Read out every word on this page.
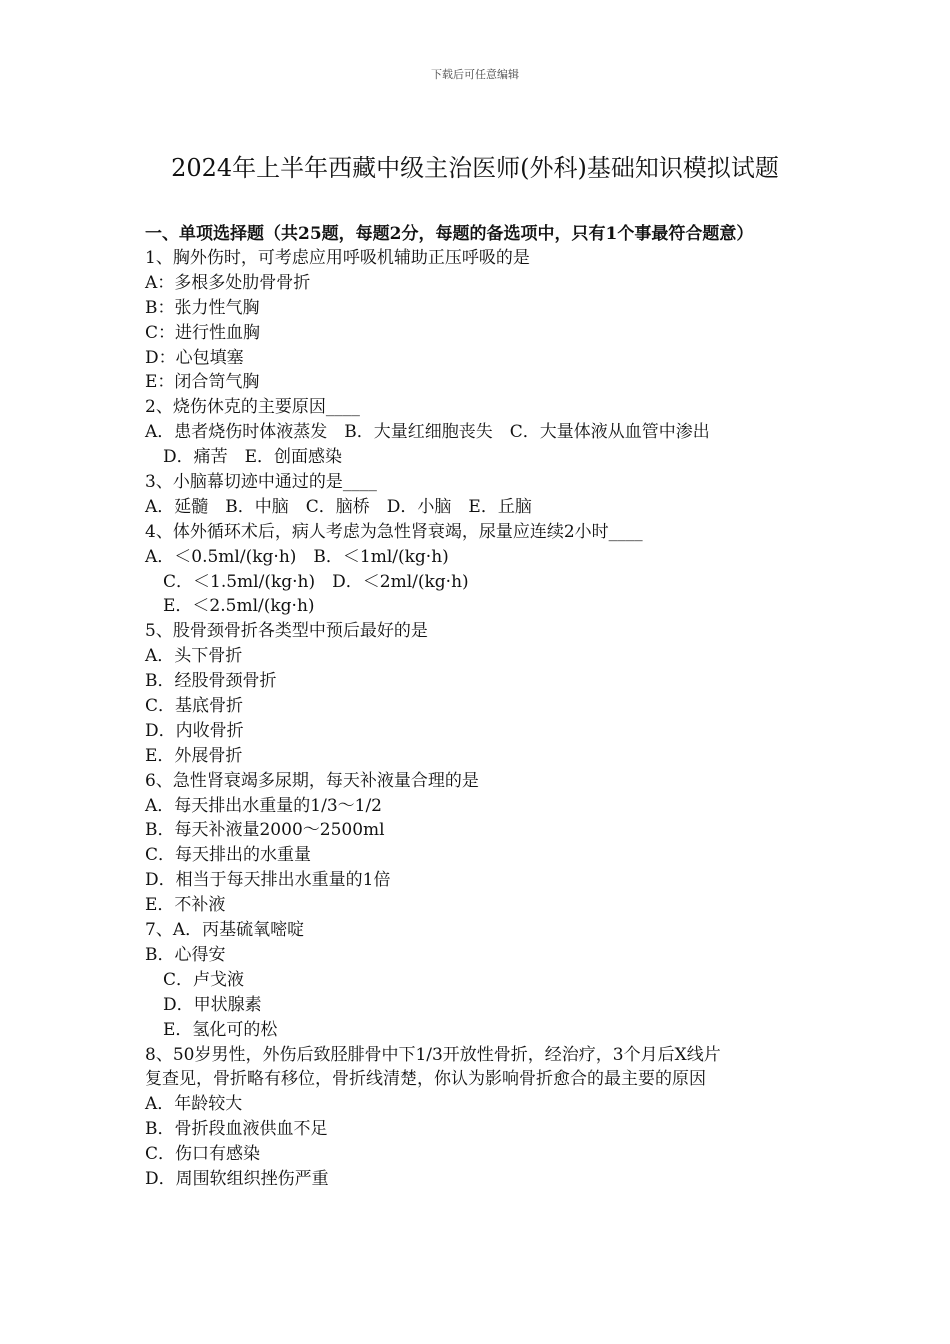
下载后可任意编辑
2024年上半年西藏中级主治医师(外科)基础知识模拟试题

一、单项选择题（共25题，每题2分，每题的备选项中，只有1个事最符合题意）

1、胸外伤时，可考虑应用呼吸机辅助正压呼吸的是
A：多根多处肋骨骨折
B：张力性气胸
C：进行性血胸
D：心包填塞
E：闭合笥气胸
2、烧伤休克的主要原因____
A．患者烧伤时体液蒸发　B．大量红细胞丧失　C．大量体液从血管中渗出
D．痛苦　E．创面感染
3、小脑幕切迹中通过的是____
A．延髓　B．中脑　C．脑桥　D．小脑　E．丘脑
4、体外循环术后，病人考虑为急性肾衰竭，尿量应连续2小时____
A．＜0.5ml/(kg·h)　B．＜1ml/(kg·h)
C．＜1.5ml/(kg·h)　D．＜2ml/(kg·h)
E．＜2.5ml/(kg·h)
5、股骨颈骨折各类型中预后最好的是
A．头下骨折
B．经股骨颈骨折
C．基底骨折
D．内收骨折
E．外展骨折
6、急性肾衰竭多尿期，每天补液量合理的是
A．每天排出水重量的1/3～1/2
B．每天补液量2000～2500ml
C．每天排出的水重量
D．相当于每天排出水重量的1倍
E．不补液
7、A．丙基硫氧嘧啶
B．心得安
C．卢戈液
D．甲状腺素
E．氢化可的松
8、50岁男性，外伤后致胫腓骨中下1/3开放性骨折，经治疗，3个月后X线片
复查见，骨折略有移位，骨折线清楚，你认为影响骨折愈合的最主要的原因
A．年龄较大
B．骨折段血液供血不足
C．伤口有感染
D．周围软组织挫伤严重
